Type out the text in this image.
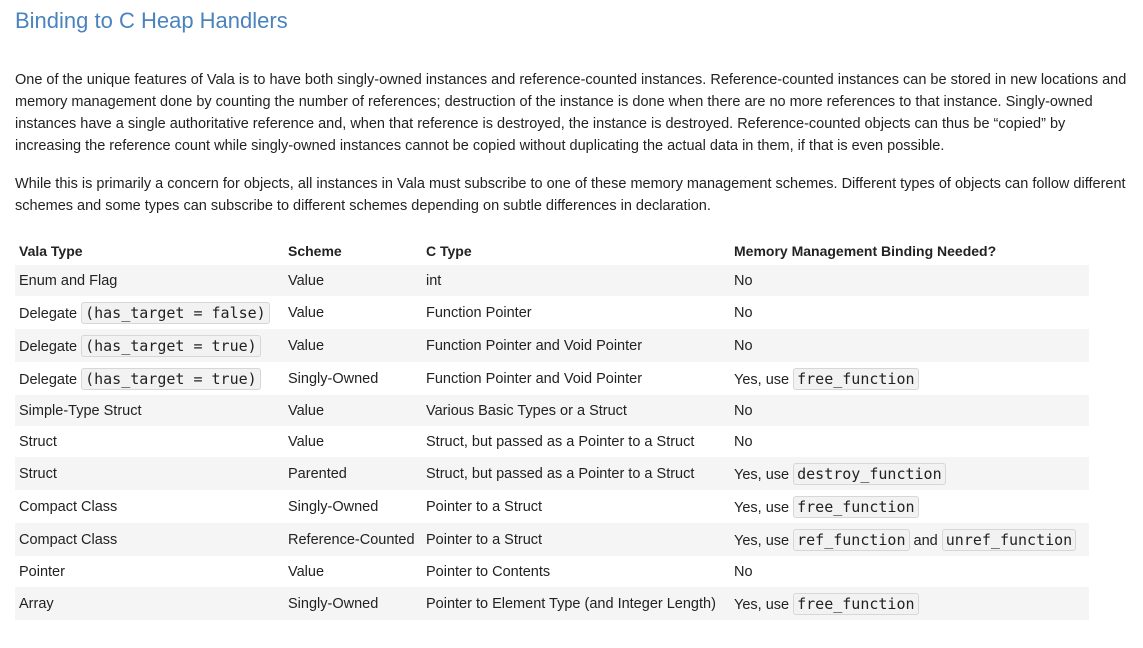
Binding to C Heap Handlers

One of the unique features of Vala is to have both singly-owned instances and reference-counted instances. Reference-counted instances can be stored in new locations and memory management done by counting the number of references; destruction of the instance is done when there are no more references to that instance. Singly-owned instances have a single authoritative reference and, when that reference is destroyed, the instance is destroyed. Reference-counted objects can thus be “copied” by increasing the reference count while singly-owned instances cannot be copied without duplicating the actual data in them, if that is even possible.

While this is primarily a concern for objects, all instances in Vala must subscribe to one of these memory management schemes. Different types of objects can follow different schemes and some types can subscribe to different schemes depending on subtle differences in declaration.

Vala Type	Scheme	C Type	Memory Management Binding Needed?
Enum and Flag	Value	int	No
Delegate (has_target = false)	Value	Function Pointer	No
Delegate (has_target = true)	Value	Function Pointer and Void Pointer	No
Delegate (has_target = true)	Singly-Owned	Function Pointer and Void Pointer	Yes, use free_function
Simple-Type Struct	Value	Various Basic Types or a Struct	No
Struct	Value	Struct, but passed as a Pointer to a Struct	No
Struct	Parented	Struct, but passed as a Pointer to a Struct	Yes, use destroy_function
Compact Class	Singly-Owned	Pointer to a Struct	Yes, use free_function
Compact Class	Reference-Counted	Pointer to a Struct	Yes, use ref_function and unref_function
Pointer	Value	Pointer to Contents	No
Array	Singly-Owned	Pointer to Element Type (and Integer Length)	Yes, use free_function
